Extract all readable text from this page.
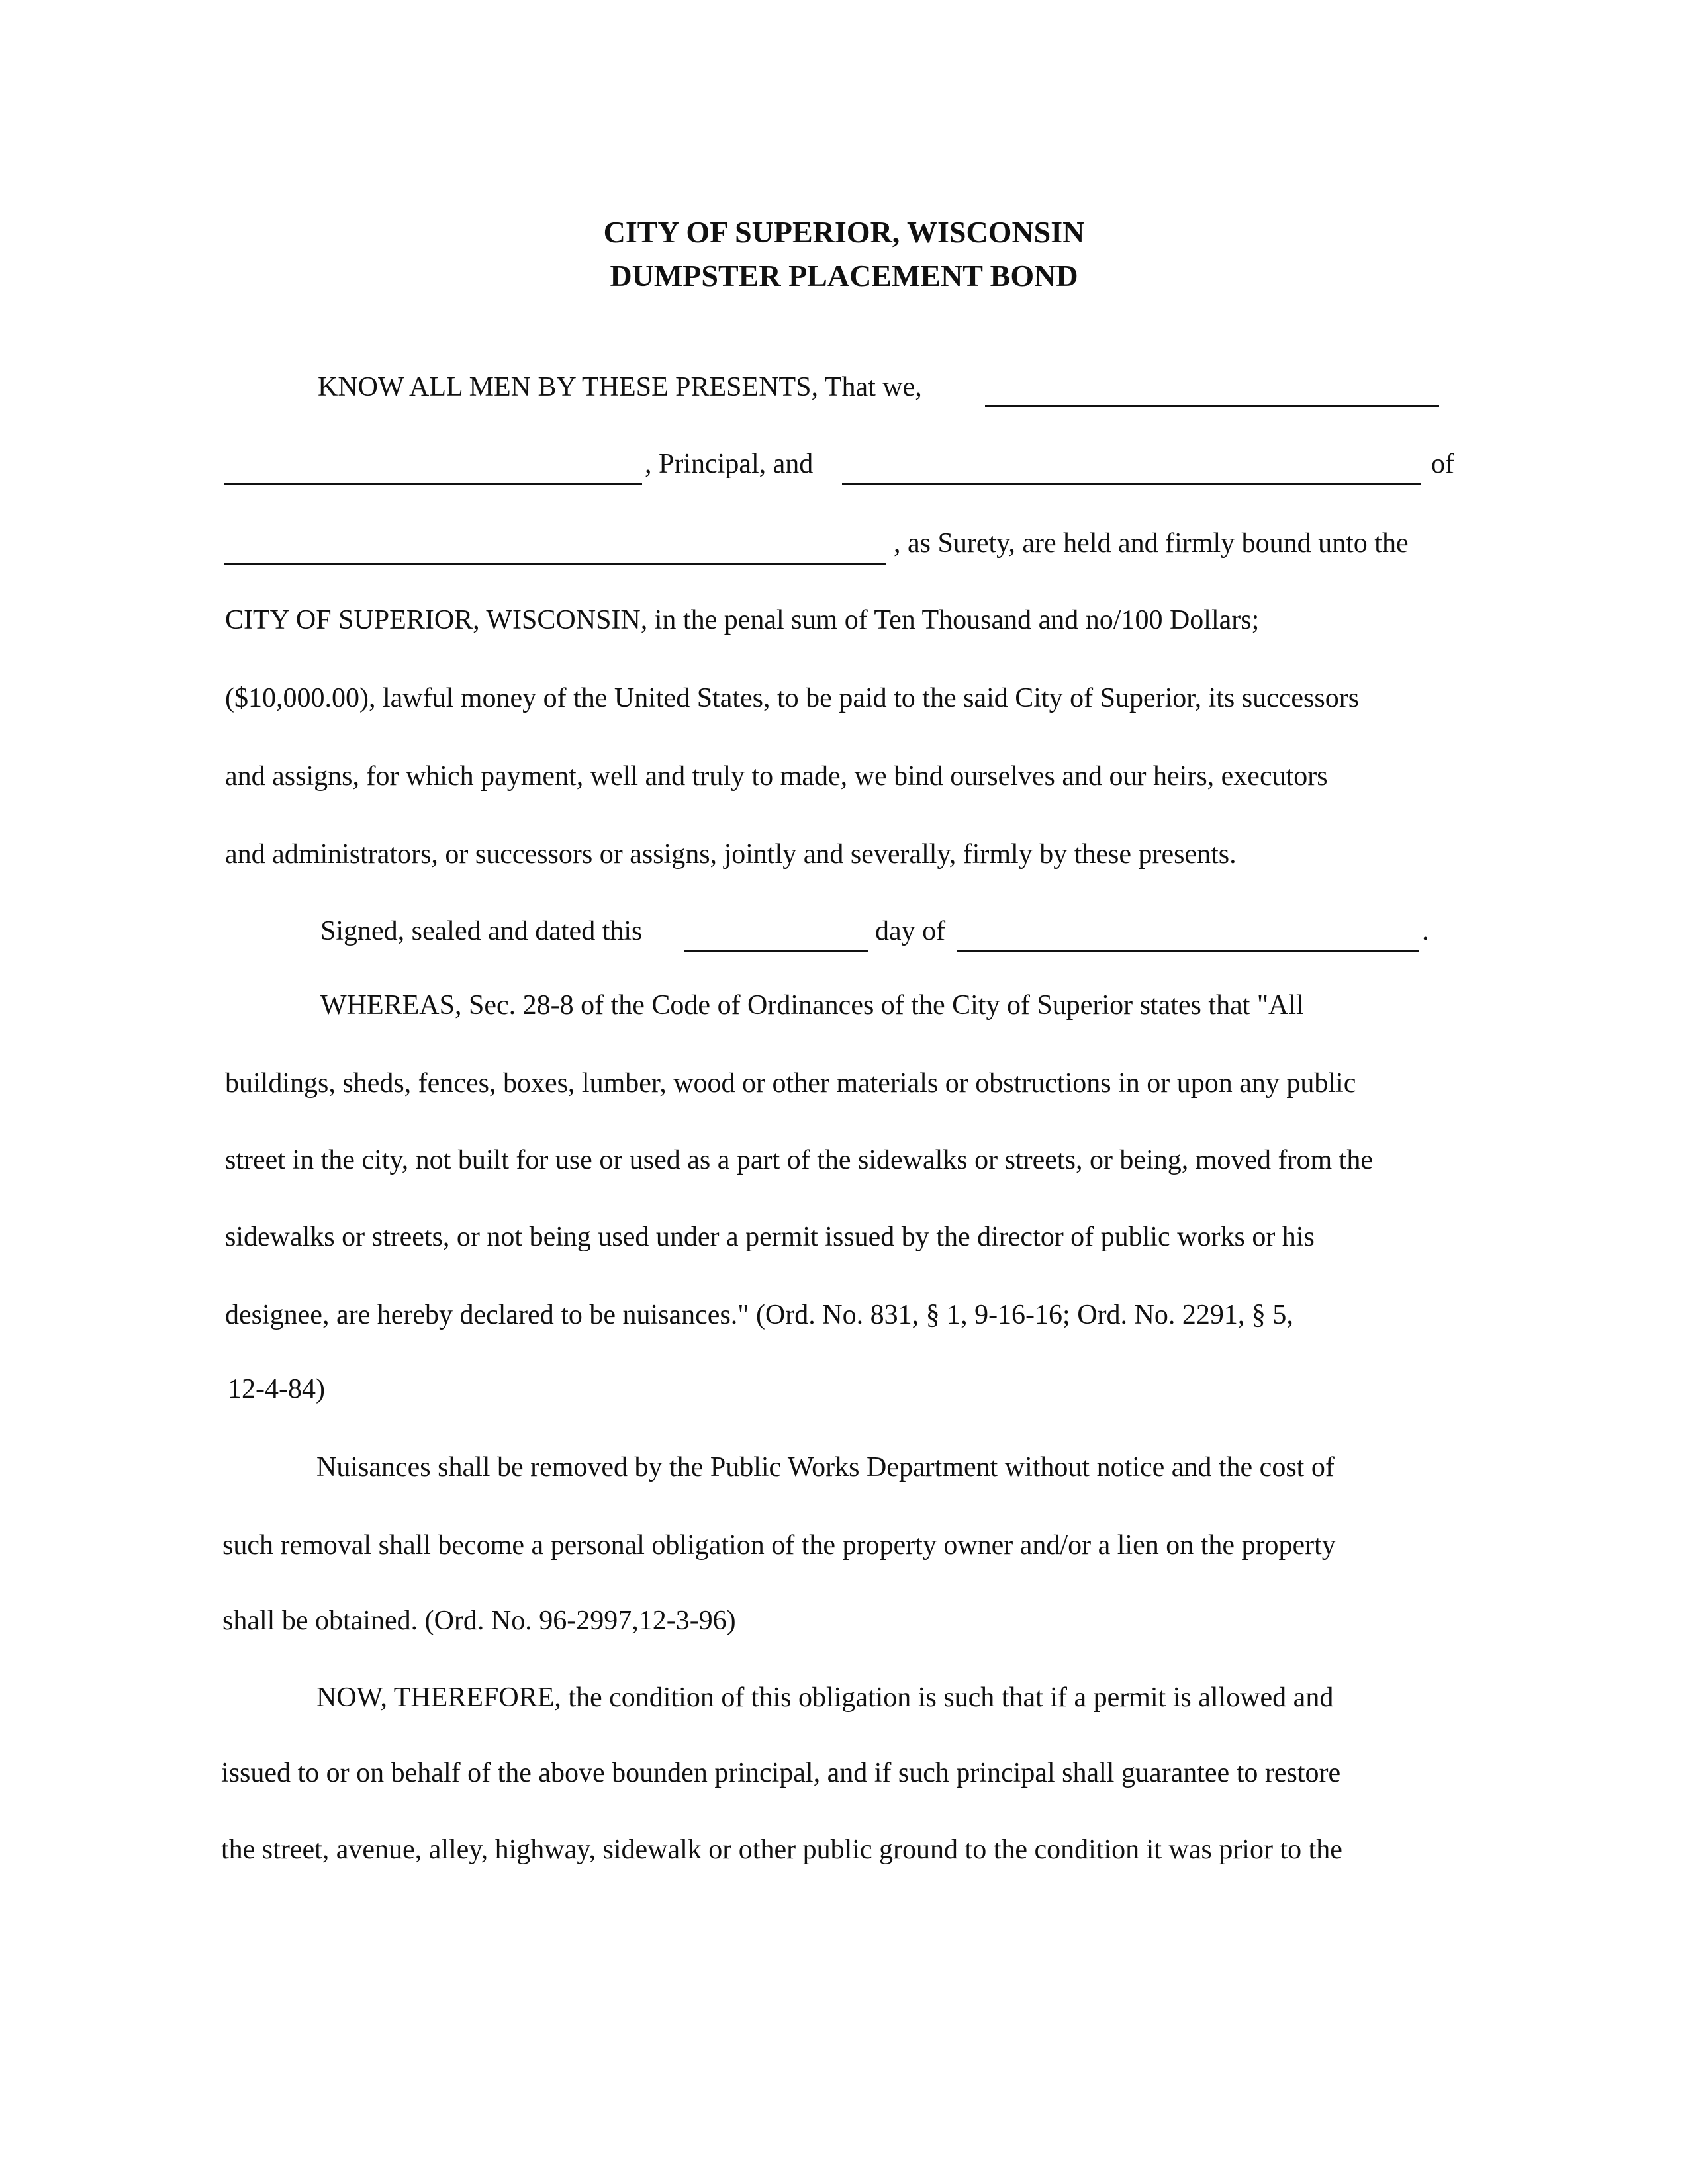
CITY OF SUPERIOR, WISCONSIN
DUMPSTER PLACEMENT BOND
KNOW ALL MEN BY THESE PRESENTS, That we,
, Principal, and	of
, as Surety, are held and firmly bound unto the
CITY OF SUPERIOR, WISCONSIN, in the penal sum of Ten Thousand and no/100 Dollars;
($10,000.00), lawful money of the United States, to be paid to the said City of Superior, its successors
and assigns, for which payment, well and truly to made, we bind ourselves and our heirs, executors
and administrators, or successors or assigns, jointly and severally, firmly by these presents.
Signed, sealed and dated this	day of	.
WHEREAS, Sec. 28-8 of the Code of Ordinances of the City of Superior states that "All
buildings, sheds, fences, boxes, lumber, wood or other materials or obstructions in or upon any public
street in the city, not built for use or used as a part of the sidewalks or streets, or being, moved from the
sidewalks or streets, or not being used under a permit issued by the director of public works or his
designee, are hereby declared to be nuisances." (Ord. No. 831, § 1, 9-16-16; Ord. No. 2291, § 5,
12-4-84)
Nuisances shall be removed by the Public Works Department without notice and the cost of
such removal shall become a personal obligation of the property owner and/or a lien on the property
shall be obtained. (Ord. No. 96-2997,12-3-96)
NOW, THEREFORE, the condition of this obligation is such that if a permit is allowed and
issued to or on behalf of the above bounden principal, and if such principal shall guarantee to restore
the street, avenue, alley, highway, sidewalk or other public ground to the condition it was prior to the
